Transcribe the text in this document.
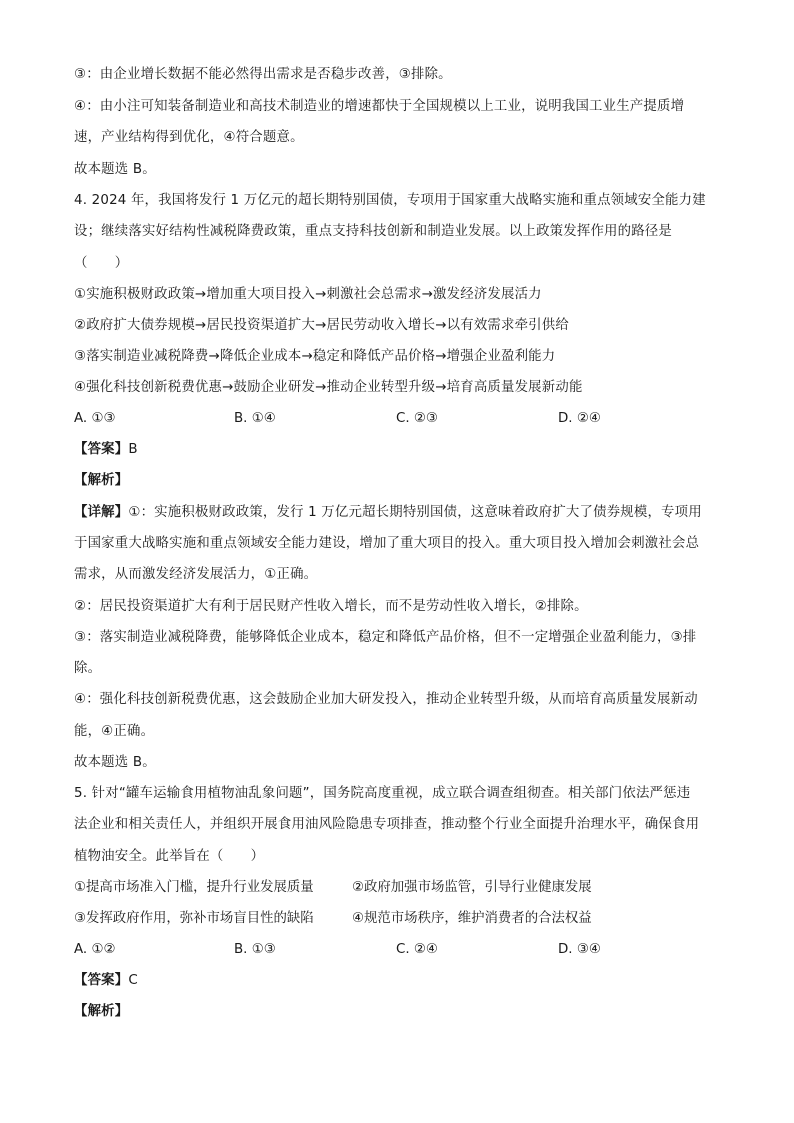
③：由企业增长数据不能必然得出需求是否稳步改善，③排除。

④：由小注可知装备制造业和高技术制造业的增速都快于全国规模以上工业，说明我国工业生产提质增

速，产业结构得到优化，④符合题意。

故本题选 B。

4. 2024 年，我国将发行 1 万亿元的超长期特别国债，专项用于国家重大战略实施和重点领域安全能力建

设；继续落实好结构性减税降费政策，重点支持科技创新和制造业发展。以上政策发挥作用的路径是

（　　）

①实施积极财政政策→增加重大项目投入→刺激社会总需求→激发经济发展活力

②政府扩大债券规模→居民投资渠道扩大→居民劳动收入增长→以有效需求牵引供给

③落实制造业减税降费→降低企业成本→稳定和降低产品价格→增强企业盈利能力

④强化科技创新税费优惠→鼓励企业研发→推动企业转型升级→培育高质量发展新动能

A. ①③	B. ①④	C. ②③	D. ②④

【答案】B

【解析】

【详解】①：实施积极财政政策，发行 1 万亿元超长期特别国债，这意味着政府扩大了债券规模，专项用

于国家重大战略实施和重点领域安全能力建设，增加了重大项目的投入。重大项目投入增加会刺激社会总

需求，从而激发经济发展活力，①正确。

②：居民投资渠道扩大有利于居民财产性收入增长，而不是劳动性收入增长，②排除。

③：落实制造业减税降费，能够降低企业成本，稳定和降低产品价格，但不一定增强企业盈利能力，③排

除。

④：强化科技创新税费优惠，这会鼓励企业加大研发投入，推动企业转型升级，从而培育高质量发展新动

能，④正确。

故本题选 B。

5. 针对“罐车运输食用植物油乱象问题”，国务院高度重视，成立联合调查组彻查。相关部门依法严惩违

法企业和相关责任人，并组织开展食用油风险隐患专项排查，推动整个行业全面提升治理水平，确保食用

植物油安全。此举旨在（　　）

①提高市场准入门槛，提升行业发展质量	②政府加强市场监管，引导行业健康发展
③发挥政府作用，弥补市场盲目性的缺陷	④规范市场秩序，维护消费者的合法权益
A. ①②	B. ①③	C. ②④	D. ③④

【答案】C

【解析】
